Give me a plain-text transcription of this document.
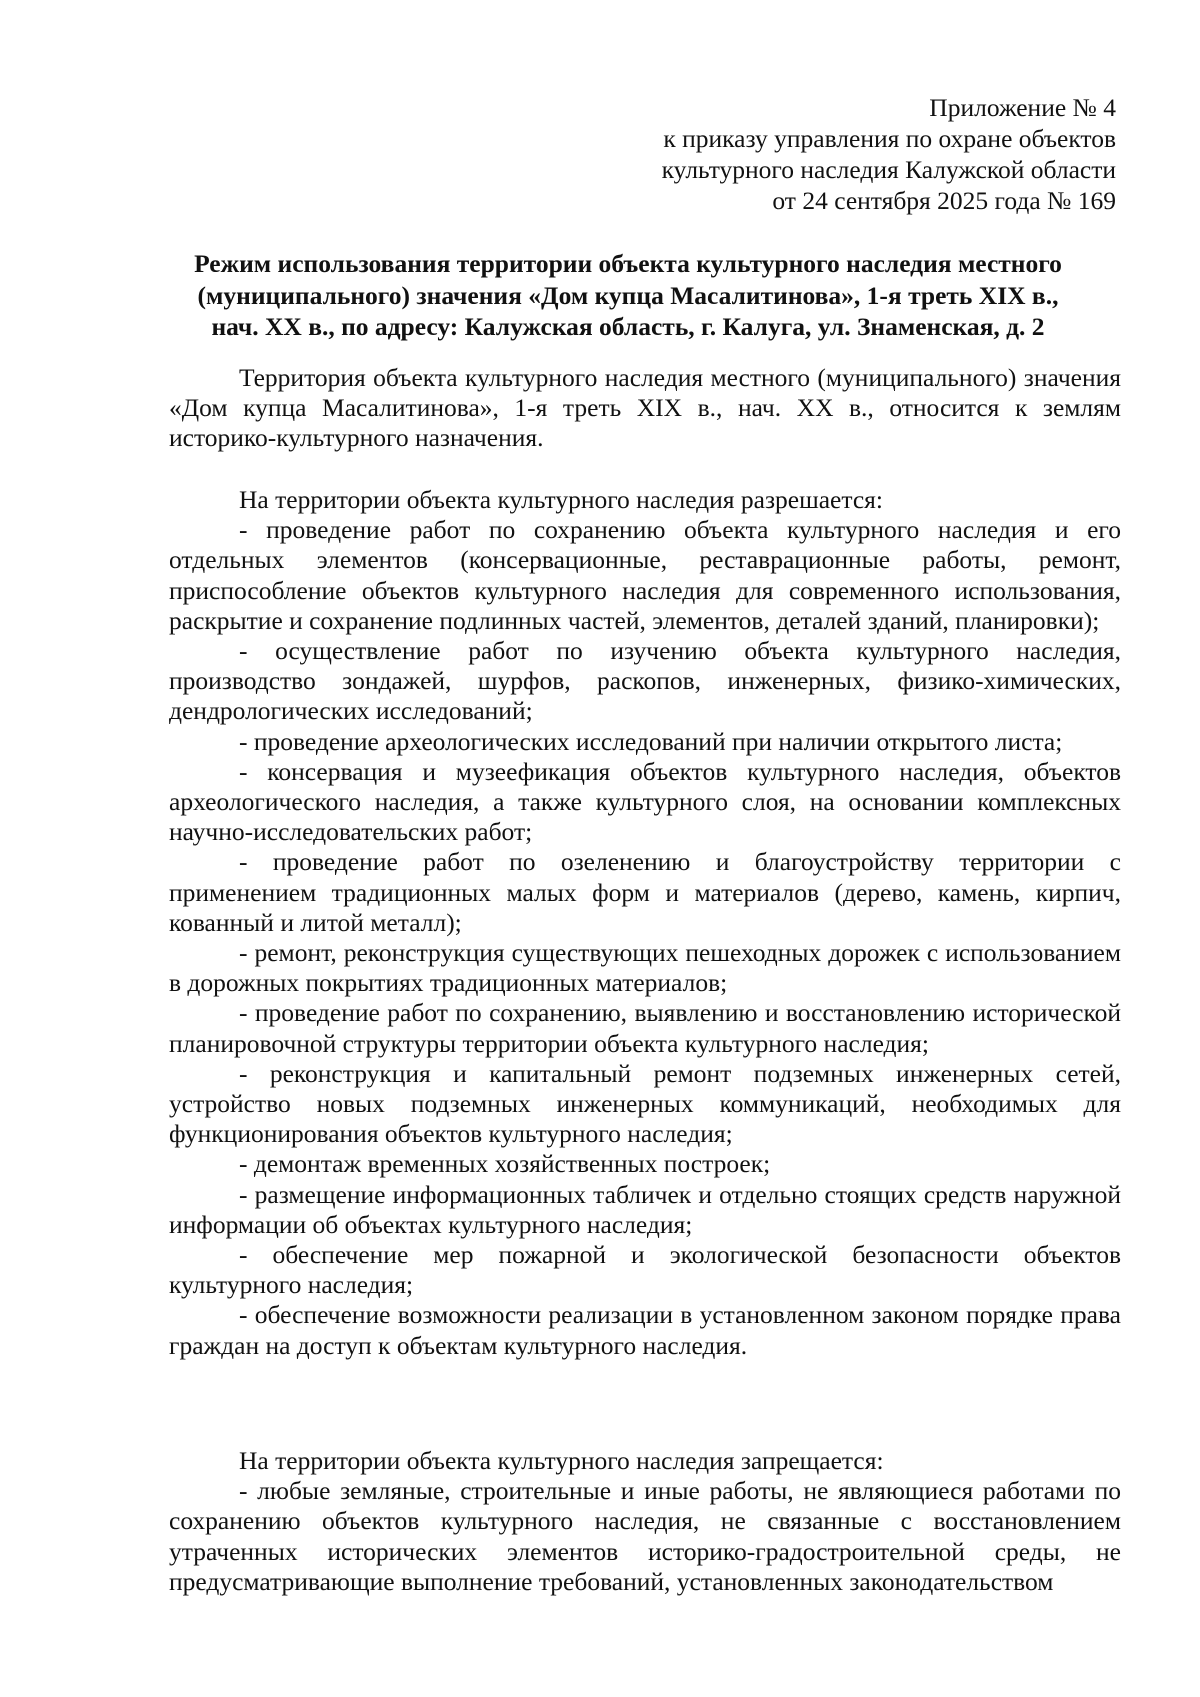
Приложение № 4
к приказу управления по охране объектов
культурного наследия Калужской области
от 24 сентября 2025 года № 169
Режим использования территории объекта культурного наследия местного
(муниципального) значения «Дом купца Масалитинова», 1-я треть XIX в.,
нач. XX в., по адресу: Калужская область, г. Калуга, ул. Знаменская, д. 2

Территория объекта культурного наследия местного (муниципального) значения «Дом купца Масалитинова», 1-я треть XIX в., нач. XX в., относится к землям историко-культурного назначения.

На территории объекта культурного наследия разрешается:

- проведение работ по сохранению объекта культурного наследия и его отдельных элементов (консервационные, реставрационные работы, ремонт, приспособление объектов культурного наследия для современного использования, раскрытие и сохранение подлинных частей, элементов, деталей зданий, планировки);

- осуществление работ по изучению объекта культурного наследия, производство зондажей, шурфов, раскопов, инженерных, физико-химических, дендрологических исследований;

- проведение археологических исследований при наличии открытого листа;

- консервация и музеефикация объектов культурного наследия, объектов археологического наследия, а также культурного слоя, на основании комплексных научно-исследовательских работ;

- проведение работ по озеленению и благоустройству территории с применением традиционных малых форм и материалов (дерево, камень, кирпич, кованный и литой металл);

- ремонт, реконструкция существующих пешеходных дорожек с использованием в дорожных покрытиях традиционных материалов;

- проведение работ по сохранению, выявлению и восстановлению исторической планировочной структуры территории объекта культурного наследия;

- реконструкция и капитальный ремонт подземных инженерных сетей, устройство новых подземных инженерных коммуникаций, необходимых для функционирования объектов культурного наследия;

- демонтаж временных хозяйственных построек;

- размещение информационных табличек и отдельно стоящих средств наружной информации об объектах культурного наследия;

- обеспечение мер пожарной и экологической безопасности объектов культурного наследия;

- обеспечение возможности реализации в установленном законом порядке права граждан на доступ к объектам культурного наследия.

На территории объекта культурного наследия запрещается:

- любые земляные, строительные и иные работы, не являющиеся работами по сохранению объектов культурного наследия, не связанные с восстановлением утраченных исторических элементов историко-градостроительной среды, не предусматривающие выполнение требований, установленных законодательством
